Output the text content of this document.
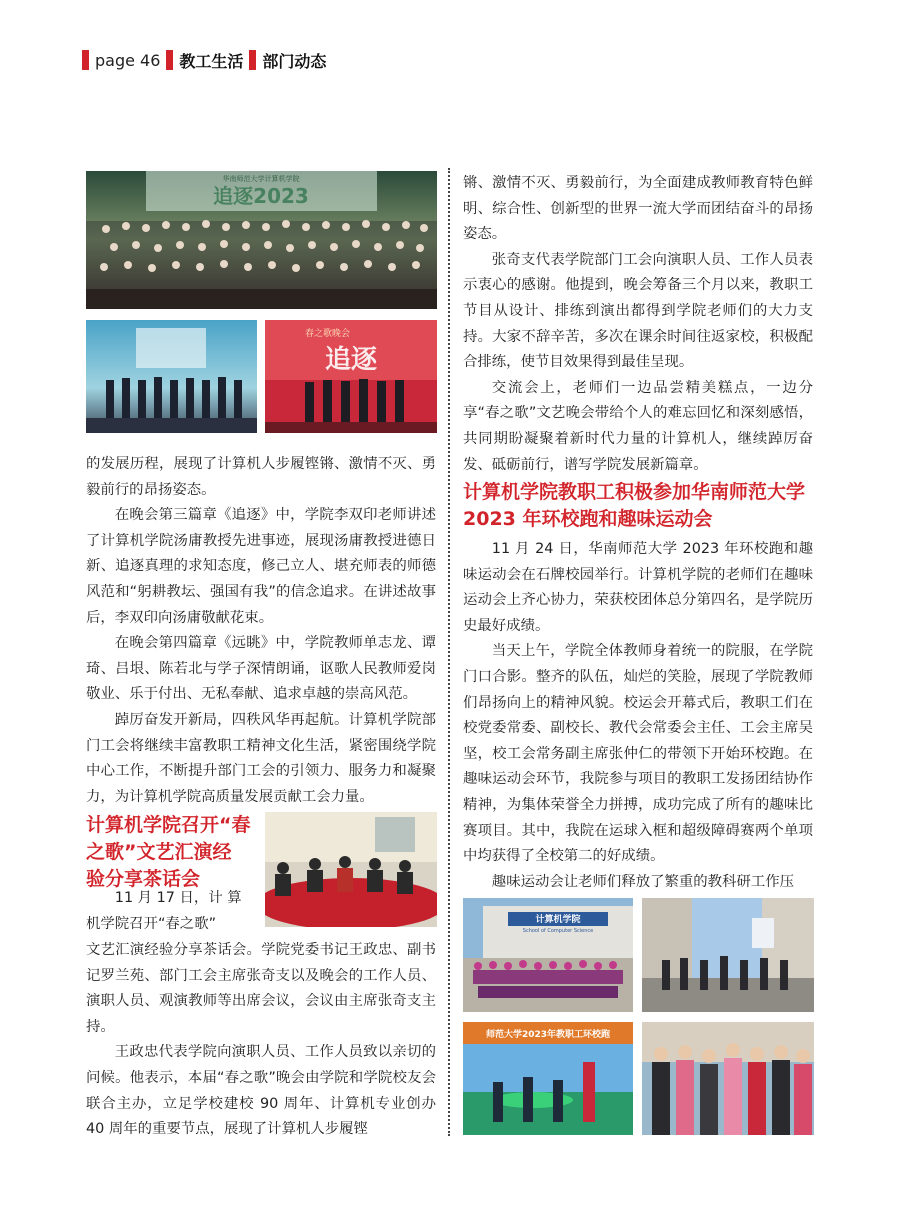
page 46 教工生活 部门动态
华南师范大学计算机学院
追逐2023
春之歌晚会
追逐

的发展历程，展现了计算机人步履铿锵、激情不灭、勇毅前行的昂扬姿态。

在晚会第三篇章《追逐》中，学院李双印老师讲述了计算机学院汤庸教授先进事迹，展现汤庸教授进德日新、追逐真理的求知态度，修己立人、堪充师表的师德风范和“躬耕教坛、强国有我”的信念追求。在讲述故事后，李双印向汤庸敬献花束。

在晚会第四篇章《远眺》中，学院教师单志龙、谭琦、吕垠、陈若北与学子深情朗诵，讴歌人民教师爱岗敬业、乐于付出、无私奉献、追求卓越的崇高风范。

踔厉奋发开新局，四秩风华再起航。计算机学院部门工会将继续丰富教职工精神文化生活，紧密围绕学院中心工作，不断提升部门工会的引领力、服务力和凝聚力，为计算机学院高质量发展贡献工会力量。

计算机学院召开“春
之歌”文艺汇演经
验分享茶话会

11 月 17 日，计 算

机学院召开“春之歌”

文艺汇演经验分享茶话会。学院党委书记王政忠、副书记罗兰苑、部门工会主席张奇支以及晚会的工作人员、演职人员、观演教师等出席会议，会议由主席张奇支主持。

王政忠代表学院向演职人员、工作人员致以亲切的问候。他表示，本届“春之歌”晚会由学院和学院校友会联合主办，立足学校建校 90 周年、计算机专业创办 40 周年的重要节点，展现了计算机人步履铿

锵、激情不灭、勇毅前行，为全面建成教师教育特色鲜明、综合性、创新型的世界一流大学而团结奋斗的昂扬姿态。

张奇支代表学院部门工会向演职人员、工作人员表示衷心的感谢。他提到，晚会筹备三个月以来，教职工节目从设计、排练到演出都得到学院老师们的大力支持。大家不辞辛苦，多次在课余时间往返家校，积极配合排练，使节目效果得到最佳呈现。

交流会上，老师们一边品尝精美糕点，一边分享“春之歌”文艺晚会带给个人的难忘回忆和深刻感悟，共同期盼凝聚着新时代力量的计算机人，继续踔厉奋发、砥砺前行，谱写学院发展新篇章。

计算机学院教职工积极参加华南师范大学
2023 年环校跑和趣味运动会

11 月 24 日，华南师范大学 2023 年环校跑和趣味运动会在石牌校园举行。计算机学院的老师们在趣味运动会上齐心协力，荣获校团体总分第四名，是学院历史最好成绩。

当天上午，学院全体教师身着统一的院服，在学院门口合影。整齐的队伍，灿烂的笑脸，展现了学院教师们昂扬向上的精神风貌。校运会开幕式后，教职工们在校党委常委、副校长、教代会常委会主任、工会主席吴坚，校工会常务副主席张仲仁的带领下开始环校跑。在趣味运动会环节，我院参与项目的教职工发扬团结协作精神，为集体荣誉全力拼搏，成功完成了所有的趣味比赛项目。其中，我院在运球入框和超级障碍赛两个单项中均获得了全校第二的好成绩。

趣味运动会让老师们释放了繁重的教科研工作压

计算机学院
School of Computer Science
师范大学2023年教职工环校跑
